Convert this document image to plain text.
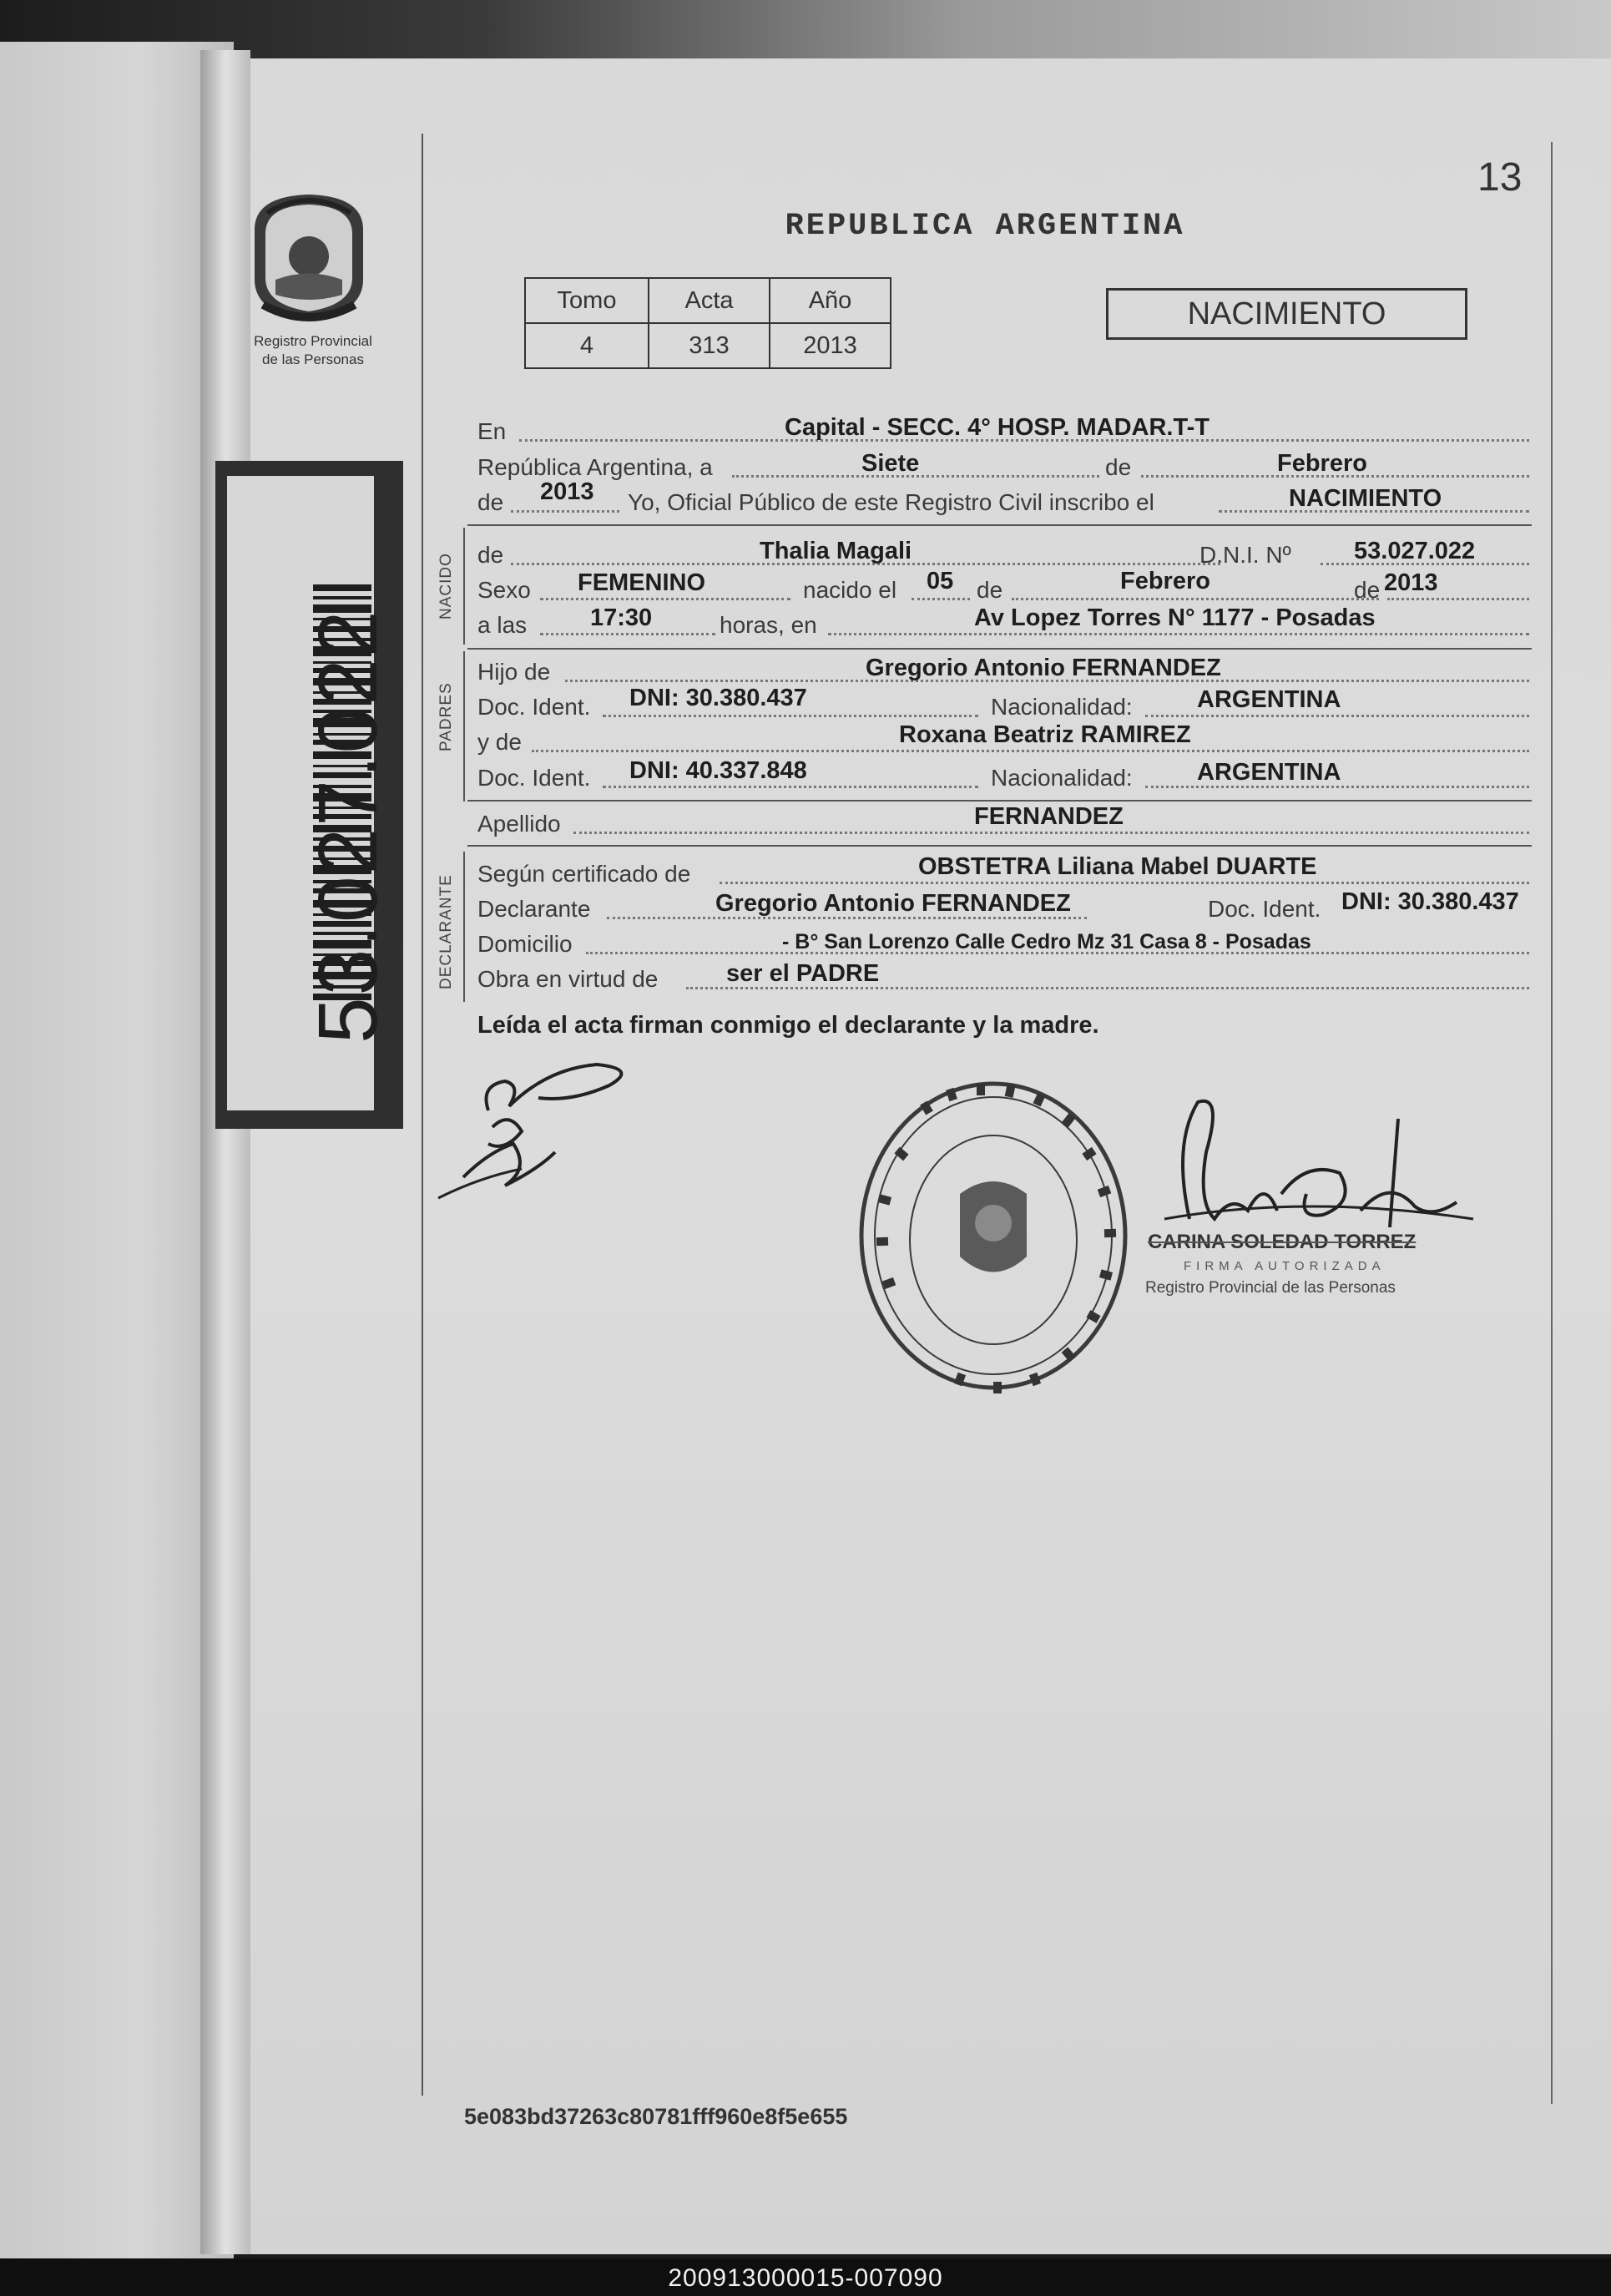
13
Registro Provincial
de las Personas
53.027.022
REPUBLICA ARGENTINA
Tomo	Acta	Año
4	313	2013
NACIMIENTO
En	Capital - SECC. 4° HOSP. MADAR.T-T
República Argentina, a	Siete	de	Febrero
de 2013 Yo, Oficial Público de este Registro Civil inscribo el	NACIMIENTO
NACIDO de	Thalia Magali	D.N.I. Nº	53.027.022
Sexo FEMENINO	nacido el 05 de	Febrero	de 2013
a las	17:30	horas, en	Av Lopez Torres N° 1177 - Posadas
PADRES
Hijo de	Gregorio Antonio FERNANDEZ
Doc. Ident. DNI: 30.380.437	Nacionalidad:	ARGENTINA
y de	Roxana Beatriz RAMIREZ
Doc. Ident. DNI: 40.337.848	Nacionalidad:	ARGENTINA
Apellido	FERNANDEZ
DECLARANTE
Según certificado de	OBSTETRA Liliana Mabel DUARTE
Declarante	Gregorio Antonio FERNANDEZ	Doc. Ident. DNI: 30.380.437
Domicilio	- B° San Lorenzo Calle Cedro Mz 31 Casa 8 - Posadas
Obra en virtud de	ser el PADRE
Leída el acta firman conmigo el declarante y la madre.
CARINA SOLEDAD TORREZ
FIRMA AUTORIZADA
Registro Provincial de las Personas
5e083bd37263c80781fff960e8f5e655
200913000015-007090
